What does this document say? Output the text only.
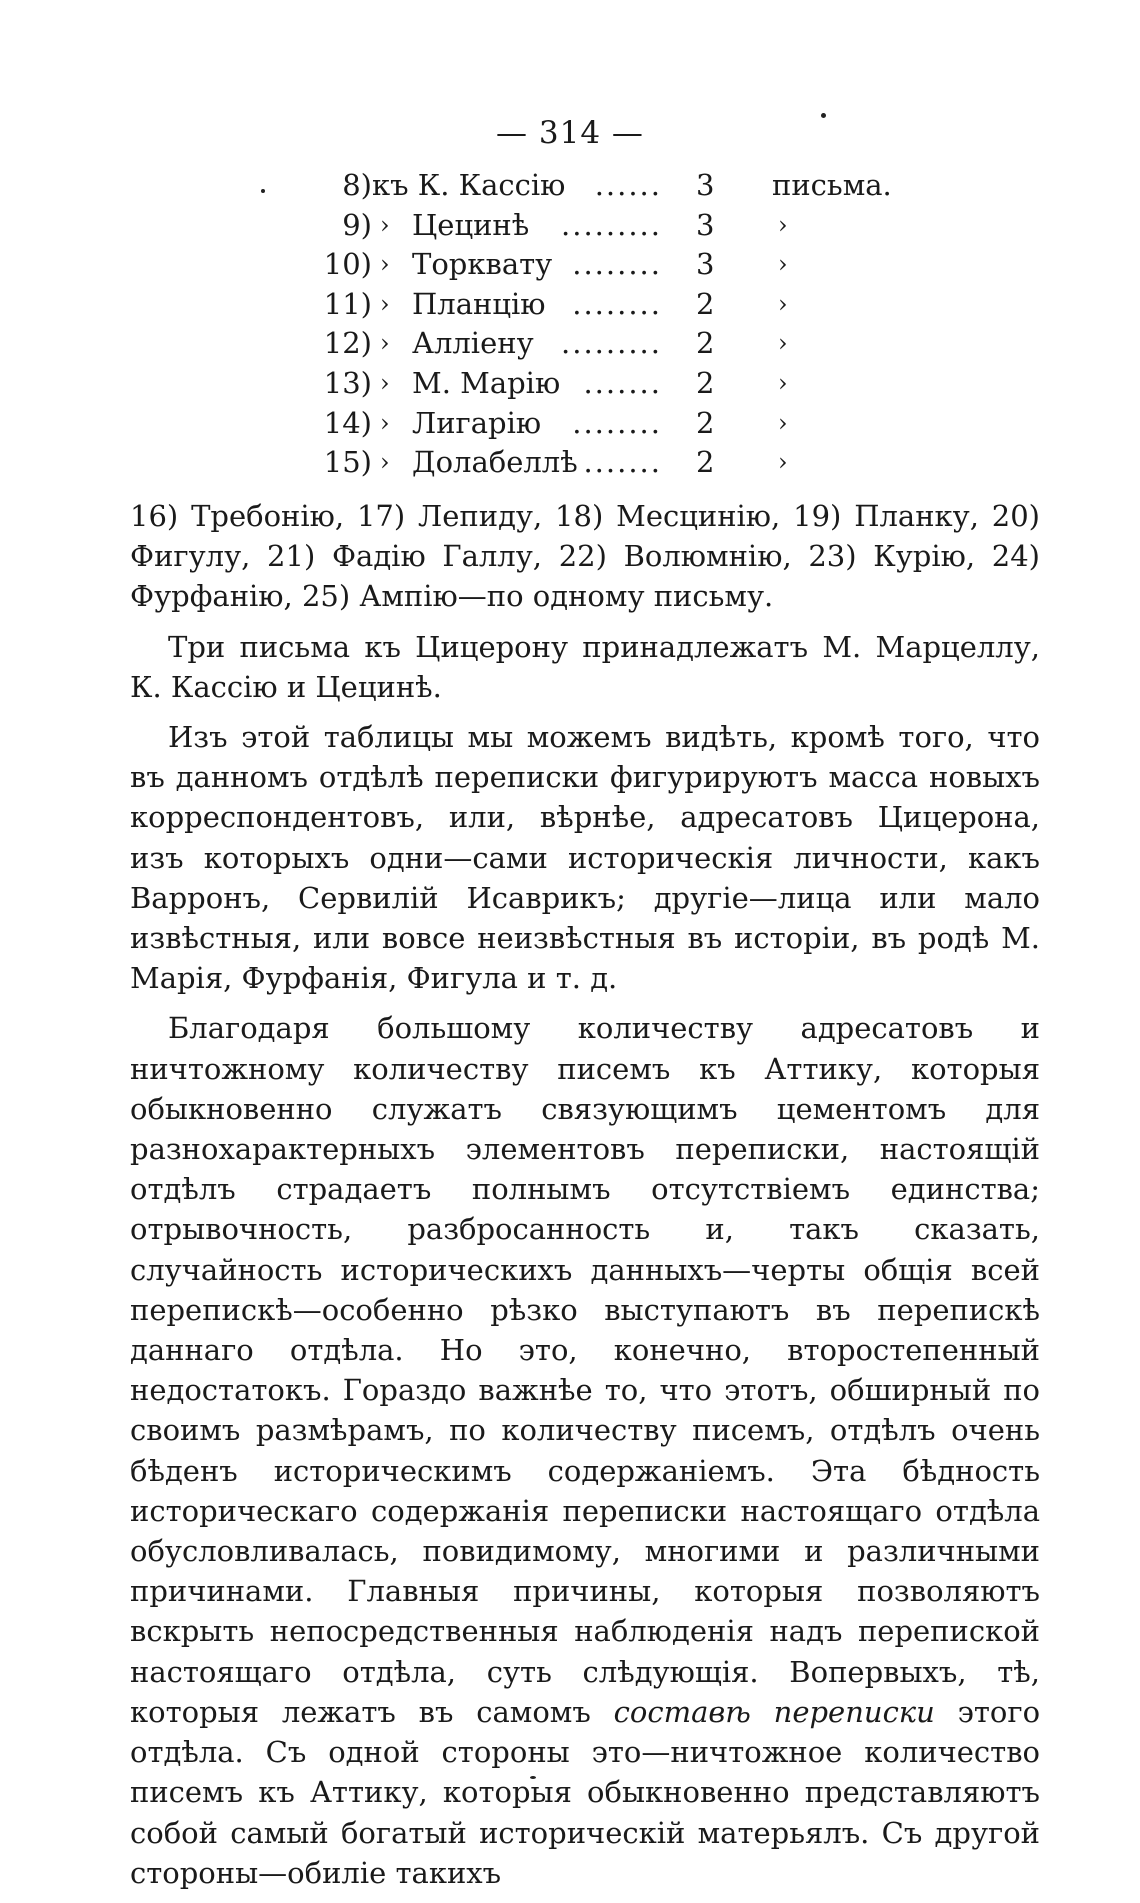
— 314 —
8) къ К. Кассію	...... 3 письма.
9) › Цецинѣ	......... 3	›
10) › Торквату ........ 3	›
11) › Планцію ........ 2	›
12) › Алліену ......... 2	›
13) › М. Марію ....... 2	›
14) › Лигарію	........ 2	›
15) › Долабеллѣ ....... 2	›

16) Требонію, 17) Лепиду, 18) Месцинію, 19) Планку, 20) Фигулу, 21) Фадію Галлу, 22) Волюмнію, 23) Курію, 24) Фурфанію, 25) Ампію—по одному письму.

Три письма къ Цицерону принадлежатъ М. Марцеллу, К. Кассію и Цецинѣ.

Изъ этой таблицы мы можемъ видѣть, кромѣ того, что въ данномъ отдѣлѣ переписки фигурируютъ масса новыхъ корреспондентовъ, или, вѣрнѣе, адресатовъ Цицерона, изъ которыхъ одни—сами историческія личности, какъ Варронъ, Сервилій Исаврикъ; другіе—лица или мало извѣстныя, или вовсе неизвѣстныя въ исторіи, въ родѣ М. Марія, Фурфанія, Фигула и т. д.

Благодаря большому количеству адресатовъ и ничтожному количеству писемъ къ Аттику, которыя обыкновенно служатъ связующимъ цементомъ для разнохарактерныхъ элементовъ переписки, настоящій отдѣлъ страдаетъ полнымъ отсутствіемъ единства; отрывочность, разбросанность и, такъ сказать, случайность историческихъ данныхъ—черты общія всей перепискѣ—особенно рѣзко выступаютъ въ перепискѣ даннаго отдѣла. Но это, конечно, второстепенный недостатокъ. Гораздо важнѣе то, что этотъ, обширный по своимъ размѣрамъ, по количеству писемъ, отдѣлъ очень бѣденъ историческимъ содержаніемъ. Эта бѣдность историческаго содержанія переписки настоящаго отдѣла обусловливалась, повидимому, многими и различными причинами. Главныя причины, которыя позволяютъ вскрыть непосредственныя наблюденія надъ перепиской настоящаго отдѣла, суть слѣдующія. Вопервыхъ, тѣ, которыя лежатъ въ самомъ составѣ переписки этого отдѣла. Съ одной стороны это—ничтожное количество писемъ къ Аттику, которыя обыкновенно представляютъ собой самый богатый историческій матерьялъ. Съ другой стороны—обиліе такихъ
